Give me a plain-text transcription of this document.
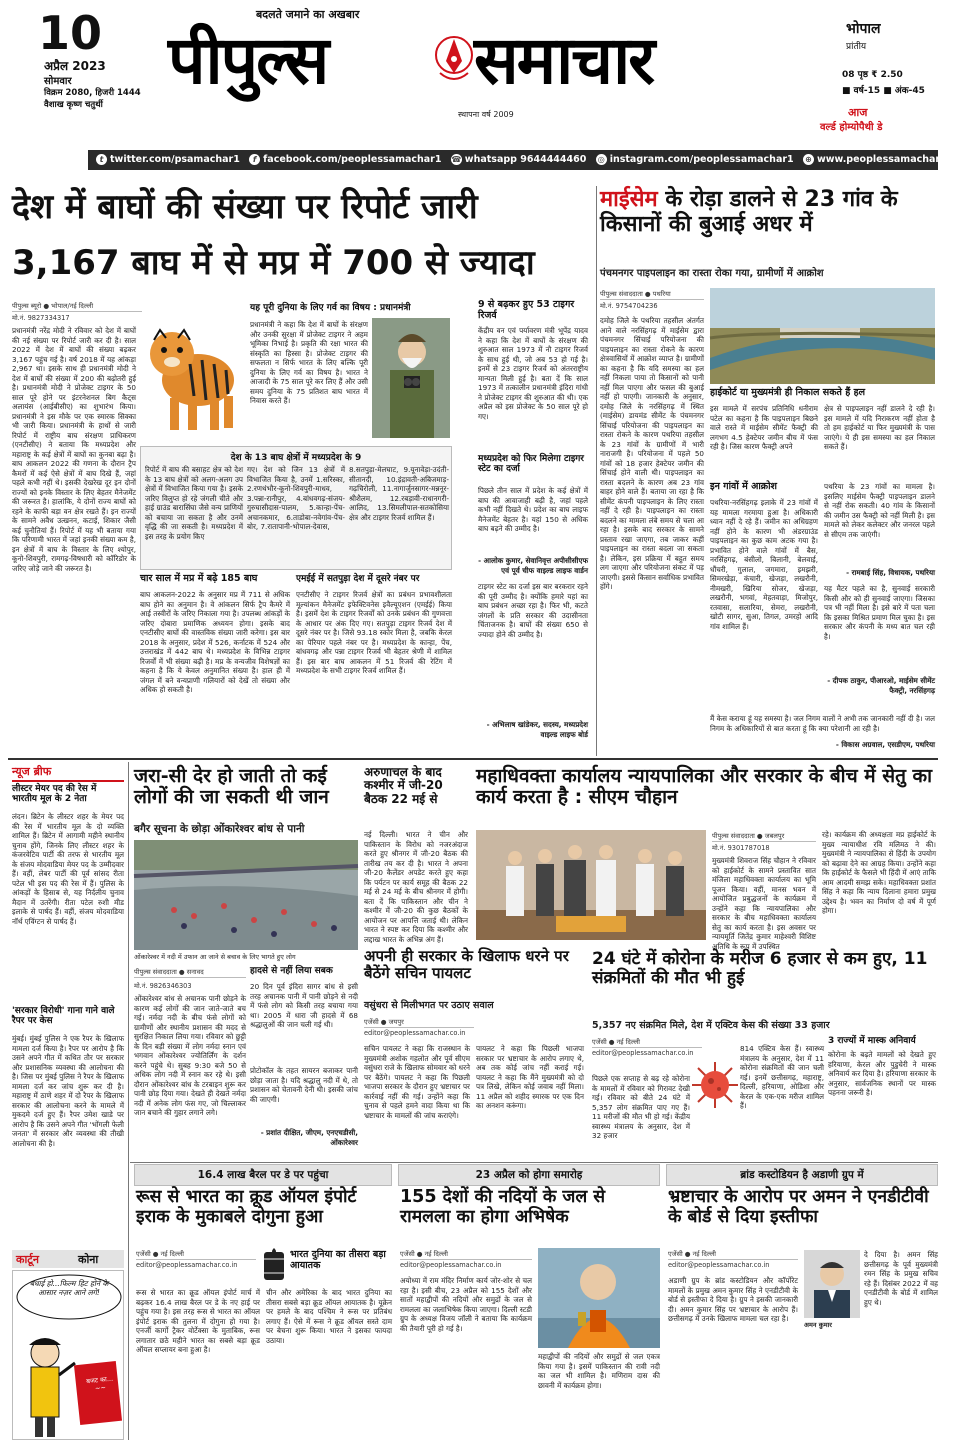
10
अप्रैल 2023
सोमवार
विक्रम 2080, हिजरी 1444
वैशाख कृष्ण चतुर्थी
बदलते जमाने का अखबार
पीपुल्स	समाचार
स्थापना वर्ष 2009
भोपाल
प्रांतीय
08 पृष्ठ ₹ 2.50
■ वर्ष-15 ■ अंक-45
आज
वर्ल्ड होम्योपैथी डे
t twitter.com/psamachar1 f facebook.com/peoplessamachar1 ☎ whatsapp 9644444460 ◎ instagram.com/peoplessamachar1 ⊕ www.peoplessamachar.in
देश में बाघों की संख्या पर रिपोर्ट जारी
3,167 बाघ में से मप्र में 700 से ज्यादा
पीपुल्स ब्यूरो ● भोपाल/नई दिल्ली
मो.नं. 9827334317
प्रधानमंत्री नरेंद्र मोदी ने रविवार को देश में बाघों की नई संख्या पर रिपोर्ट जारी कर दी है। साल 2022 में देश में बाघों की संख्या बढ़कर 3,167 पहुंच गई है। वर्ष 2018 में यह आंकड़ा 2,967 था। इसके साथ ही प्रधानमंत्री मोदी ने देश में बाघों की संख्या में 200 की बढ़ोतरी हुई है। प्रधानमंत्री मोदी ने प्रोजेक्ट टाइगर के 50 साल पूरे होने पर इंटरनेशनल बिग कैट्स अलायंस (आईबीसीए) का शुभारंभ किया। प्रधानमंत्री ने इस मौके पर एक स्मारक सिक्का भी जारी किया। प्रधानमंत्री के हाथों से जारी रिपोर्ट में राष्ट्रीय बाघ संरक्षण प्राधिकरण (एनटीसीए) ने बताया कि मध्यप्रदेश और महाराष्ट्र के कई क्षेत्रों में बाघों का कुनबा बढ़ा है। बाघ आकलन 2022 की गणना के दौरान ट्रैप कैमरों में कई ऐसे क्षेत्रों में बाघ दिखे हैं, जहां पहले कभी नहीं थे। इसकी देखरेख दूर इन दोनों राज्यों को इनके विस्तार के लिए बेहतर मैनेजमेंट की जरूरत है। हालांकि, ये दोनों राज्य बाघों को रहने के काफी बड़ा वन क्षेत्र रखते हैं। इन राज्यों के सामने अवैध उत्खनन, कटाई, शिकार जैसी कई चुनौतियां हैं। रिपोर्ट में यह भी बताया गया कि परिणामी भारत में जहां इनकी संख्या कम है, इन क्षेत्रों में बाघ के विस्तार के लिए श्योपुर, कूनो-शिवपुरी, रामगढ़-विषधारी को कॉरिडोर के जरिए जोड़े जाने की जरूरत है।
यह पूरी दुनिया के लिए गर्व का विषय : प्रधानमंत्री
प्रधानमंत्री ने कहा कि देश में बाघों के संरक्षण और उनकी सुरक्षा में प्रोजेक्ट टाइगर ने अहम भूमिका निभाई है। प्रकृति की रक्षा भारत की संस्कृति का हिस्सा है। प्रोजेक्ट टाइगर की सफलता न सिर्फ भारत के लिए बल्कि पूरी दुनिया के लिए गर्व का विषय है। भारत ने आजादी के 75 साल पूरे कर लिए हैं और उसी समय दुनिया के 75 प्रतिशत बाघ भारत में निवास करते हैं।
देश के 13 बाघ क्षेत्रों में मध्यप्रदेश के 9
रिपोर्ट में बाघ की बसाहट क्षेत्र को देश के 13 बाघ क्षेत्रों को अलग-अलग उप क्षेत्रों में विभाजित किया गया है। इसके जरिए विलुप्त हो रहे जंगली चीते और हाई ग्राउंड बारासिंघा जैसे वन्य प्राणियों को बचाया जा सकता है और उनमें वृद्धि की जा सकती है। मध्यप्रदेश में इस तरह के प्रयोग किए
गए। देश को जिन 13 क्षेत्रों में विभाजित किया है, उनमें 1.सरिस्का, 2.रणथंभौर-कूनो-शिवपुरी-माधव, 3.पन्ना-रानीपुर, 4.बांधवगढ़-संजय-गुरुघासीदास-पालम, 5.कान्हा-पेंच-अचानकमार, 6.ताडोबा-नवेगांव-पेंच-बोर, 7.रातापानी-भोपाल-देवास,
8.सतपुड़ा-मेलघाट, 9.यूनावेड़ा-उदंती-सीतानदी, 10.इंद्रावती-अबिजमाड़-गढ़चिरोली, 11.नागार्जुनसागर-मन्ननूर-श्रीशैलम, 12.रबड़ावी-राधानगरी-आलिद, 13.सिमलीपाल-सतकोसिया क्षेत्र और टाइगर रिजर्व शामिल हैं।
चार साल में मप्र में बढ़े 185 बाघ
बाघ आकलन-2022 के अनुसार मप्र में 711 से अधिक बाघ होने का अनुमान है। वे आंकलन सिर्फ ट्रैप कैमरे में आई तस्वीरों के जरिए निकाला गया है। उपलब्ध आंकड़ों के जरिए दोबारा प्रमाणिक अध्ययन होगा। इसके बाद एनटीसीए बाघों की वास्तविक संख्या जारी करेगा। इस बार 2018 के अनुसार, प्रदेश में 526, कर्नाटक में 524 और उत्तराखंड में 442 बाघ थे। मध्यप्रदेश के विभिन्न टाइगर रिजर्वों में भी संख्या बढ़ी है। मप्र के वन्यजीव विशेषज्ञों का कहना है कि ये केवल अनुमानित संख्या है। हाल ही में जंगल में बने वन्यप्राणी गलियारों को देखें तो संख्या और अधिक हो सकती है।
एमईई में सतपुड़ा देश में दूसरे नंबर पर
एनटीसीए ने टाइगर रिजर्व क्षेत्रों का प्रबंधन प्रभावशीलता मूल्यांकन मैनेजमेंट इफेक्टिवनेस इवैल्यूएशन (एमईई) किया है। इसमें देश के टाइगर रिजर्वों को उनके प्रबंधन की गुणवत्ता के आधार पर अंक दिए गए। सतपुड़ा टाइगर रिजर्व देश में दूसरे नंबर पर है। जिसे 93.18 स्कोर मिला है, जबकि केरल का पेरियार पहले नंबर पर है। मध्यप्रदेश के कान्हा, पेंच, बांधवगढ़ और पन्ना टाइगर रिजर्व भी बेहतर श्रेणी में शामिल हैं। इस बार बाघ आकलन में 51 रिजर्व की रेटिंग में मध्यप्रदेश के सभी टाइगर रिजर्व शामिल हैं।
9 से बढ़कर हुए 53 टाइगर रिजर्व
केंद्रीय वन एवं पर्यावरण मंत्री भूपेंद्र यादव ने कहा कि देश में बाघों के संरक्षण की शुरुआत साल 1973 में नौ टाइगर रिजर्व के साथ हुई थी, जो अब 53 हो गई है। इनमें से 23 टाइगर रिजर्व को अंतरराष्ट्रीय मान्यता मिली हुई है। बता दें कि साल 1973 में तत्कालीन प्रधानमंत्री इंदिरा गांधी ने प्रोजेक्ट टाइगर की शुरुआत की थी। एक अप्रैल को इस प्रोजेक्ट के 50 साल पूरे हो गए।
मध्यप्रदेश को फिर मिलेगा टाइगर स्टेट का दर्जा
पिछले तीन साल में प्रदेश के कई क्षेत्रों में बाघ की आवाजाही बढ़ी है, जहां पहले कभी नहीं दिखते थे। प्रदेश का बाघ लाइफ मैनेजमेंट बेहतर है। यहां 150 से अधिक बाघ बढ़ने की उम्मीद है।
- आलोक कुमार, सेवानिवृत्त अपीसीसीएफ एवं पूर्व चीफ वाइल्ड लाइफ वार्डन
टाइगर स्टेट का दर्जा इस बार बरकरार रहने की पूरी उम्मीद है। क्योंकि हमारे यहां का बाघ प्रबंधन अच्छा रहा है। फिर भी, कटते जंगलों के प्रति सरकार की उदासीनता चिंताजनक है। बाघों की संख्या 650 से ज्यादा होने की उम्मीद है।
- अभिलाष खांडेकर, सदस्य, मध्यप्रदेश वाइल्ड लाइफ बोर्ड
माईसेम के रोड़ा डालने से 23 गांव के किसानों की बुआई अधर में
पंचमनगर पाइपलाइन का रास्ता रोका गया, ग्रामीणों में आक्रोश
पीपुल्स संवाददाता ● पथरिया
मो.नं. 9754704236
दमोह जिले के पथरिया तहसील अंतर्गत आने वाले नरसिंहगढ़ में माईसेम द्वारा पंचमनगर सिंचाई परियोजना की पाइपलाइन का रास्ता रोकने के कारण क्षेत्रवासियों में आक्रोश व्याप्त है। ग्रामीणों का कहना है कि यदि समस्या का हल नहीं निकला पाया तो किसानों को पानी नहीं मिल पाएगा और फसल की बुआई नहीं हो पाएगी। जानकारी के अनुसार, दमोह जिले के नरसिंहगढ़ में स्थित (माईसेम) डायमंड सीमेंट के पंचमनगर सिंचाई परियोजना की पाइपलाइन का रास्ता रोकने के कारण पथरिया तहसील के 23 गांवों के ग्रामीणों में भारी नाराजगी है। परियोजना में पहले 50 गांवों को 18 हजार हेक्टेयर जमीन की सिंचाई होने वाली थी। पाइपलाइन का रास्ता बदलने के कारण अब 23 गांव बाहर होने वाले हैं। बताया जा रहा है कि सीमेंट कंपनी पाइपलाइन के लिए रास्ता नहीं दे रही है। पाइपलाइन का रास्ता बदलने का मामला लंबे समय से चला आ रहा है। इसके बाद सरकार के सामने प्रस्ताव रखा जाएगा, तब जाकर कहीं पाइपलाइन का रास्ता बदला जा सकता है। लेकिन, इस प्रक्रिया में बहुत समय लग जाएगा और परियोजना संकट में पड़ जाएगी। इससे किसान सर्वाधिक प्रभावित होंगे।
हाईकोर्ट या मुख्यमंत्री ही निकाल सकते हैं हल
इस मामले में सरपंच प्रतिनिधि धनीराम पटेल का कहना है कि पाइपलाइन बिछने वाले रास्ते में माईसेम सीमेंट फैक्ट्री की लगभग 4.5 हेक्टेयर जमीन बीच में फंस रही है। जिस कारण फैक्ट्री अपने
क्षेत्र से पाइपलाइन नहीं डालने दे रही है। इस मामले में यदि निराकरण नहीं होता है तो हम हाईकोर्ट या फिर मुख्यमंत्री के पास जाएंगे। ये ही इस समस्या का हल निकाल सकते हैं।
इन गांवों में आक्रोश
पथरिया-नरसिंहगढ़ इलाके में 23 गांवों में यह मामला गरमाया हुआ है। अधिकारी ध्यान नहीं दे रहे हैं। जमीन का अधिग्रहण नहीं होने के कारण भी अंडरग्राउंड पाइपलाइन का कुछ काम अटक गया है। प्रभावित होने वाले गांवों में बैस, नरसिंहगढ़, बंसीलो, बिलानी, बेलवाई, धौंचरी, गुलाल, जगमारा, इमझरी, सिमरखेड़ा, कंचारी, खेजड़ा, लखरौनी, नीमखरी, खिरिया सोजर, खेजड़ा, लखरौनी, भगवां, मेहतवाड़ा, मिजोपुर, रतवासा, सलारिया, सेमरा, लखरौनी, खोटी सागर, सुआ, तिगल, उमरहो आदि गांव शामिल हैं।
पथरिया के 23 गांवों का मामला है। इसलिए माईसेम फैक्ट्री पाइपलाइन डालने से नहीं रोक सकती। 40 गांव के किसानों की जमीन उस फैक्ट्री को नहीं मिली है। इस मामले को लेकर कलेक्टर और जनरल पहले से सीएम तक जाएंगी।
- रामबाई सिंह, विधायक, पथरिया
यह मैटर पहले का है, सुनवाई सरकारी किसी और को ही सुनवाई जाएगा। जिसका पत्र भी नहीं मिला है। इसे बारे में पता चला कि इसका मिश्रित प्रमाण मिल चुका है। इस सरकार और कंपनी के मध्य बात चल रही है।
- दीपक ठाकुर, पीआरओ, माईसेम सीमेंट फैक्ट्री, नरसिंहगढ़
मैं केस कराया हूं यह समस्या है। जल निगम वालों ने अभी तक जानकारी नहीं दी है। जल निगम के अधिकारियों से बात करता हूं कि क्या परेशानी आ रही है।
- विकास अग्रवाल, एसडीएम, पथरिया
न्यूज ब्रीफ
लीस्टर मेयर पद की रेस में भारतीय मूल के 2 नेता
लंदन। ब्रिटेन के लीस्टर शहर के मेयर पद की रेस में भारतीय मूल के दो व्यक्ति शामिल हैं। ब्रिटेन में आगामी महीने स्थानीय चुनाव होंगे, जिनके लिए लीस्टर शहर के कंजरवेटिव पार्टी की तरफ से भारतीय मूल के संजय मोदवाडिया मेयर पद के उम्मीदवार हैं। वहीं, लेबर पार्टी की पूर्व सांसद रीता पटेल भी इस पद की रेस में हैं। पुलिस के आंकड़ों के हिसाब से, यह निर्दलीय चुनाव मैदान में उतरेंगी। रीता पटेल रुशी मीड इलाके से पार्षद हैं। वहीं, संजय मोदवाडिया नॉर्थ एविंग्टन से पार्षद हैं।
'सरकार विरोधी' गाना गाने वाले रैपर पर केस
मुंबई। मुंबई पुलिस ने एक रैपर के खिलाफ मामला दर्ज किया है। रैपर पर आरोप है कि उसने अपने गीत में कथित तौर पर सरकार और प्रशासनिक व्यवस्था की आलोचना की है। जिस पर मुंबई पुलिस ने रैपर के खिलाफ मामला दर्ज कर जांच शुरू कर दी है। महाराष्ट्र में ठाणे शहर में दो रैपर के खिलाफ सरकार की आलोचना करने के मामले में मुकदमे दर्ज हुए हैं। रैपर उमेश खाडे पर आरोप है कि उसने अपने गीत 'भोंगली फेली जनता' में सरकार और व्यवस्था की तीखी आलोचना की है।
कार्टून	कोना
बधाई हो...फिल्म हिट होने के आसार नज़र आने लगे!
बजट का... ~~
जरा-सी देर हो जाती तो कई लोगों की जा सकती थी जान
बगैर सूचना के छोड़ा ओंकारेश्वर बांध से पानी
ओंकारेश्वर में नदी में उफान आ जाने से बचाव के लिए भागते हुए लोग
पीपुल्स संवाददाता ● सनावद
मो.नं. 9826346303
ओंकारेश्वर बांध से अचानक पानी छोड़ने के कारण कई लोगों की जान जाते-जाते बच गई। नर्मदा नदी के बीच फंसे लोगों को ग्रामीणों और स्थानीय प्रशासन की मदद से सुरक्षित निकाल लिया गया। रविवार को छुट्टी के दिन बड़ी संख्या में लोग नर्मदा स्नान एवं भगवान ओंकारेश्वर ज्योतिर्लिंग के दर्शन करने पहुंचे थे। सुबह 9:30 बजे 50 से अधिक लोग नदी में स्नान कर रहे थे। इसी दौरान ओंकारेश्वर बांध के टरबाइन शुरू कर पानी छोड़ दिया गया। देखते ही देखते नर्मदा नदी में अनेक लोग फंस गए, जो चिल्लाकर जान बचाने की गुहार लगाने लगे।
हादसे से नहीं लिया सबक
20 दिन पूर्व इंदिरा सागर बांध से इसी तरह अचानक पानी में पानी छोड़ने से नदी में फंसे लोग को किसी तरह बचाया गया था। 2005 में धारा जी हादसे में 68 श्रद्धालुओं की जान चली गई थी।
प्रोटोकॉल के तहत सायरन बजाकर पानी छोड़ा जाता है। यदि श्रद्धालु नदी में थे, तो प्रशासन को चेतावनी देनी थी। इसकी जांच की जाएगी।
- प्रशांत दीक्षित, जीएम, एनएचडीसी, ओंकारेश्वर
अरुणाचल के बाद कश्मीर में जी-20 बैठक 22 मई से
नई दिल्ली। भारत ने चीन और पाकिस्तान के विरोध को नजरअंदाज करते हुए श्रीनगर में जी-20 बैठक की तारीख तय कर दी है। भारत ने अपना जी-20 कैलेंडर अपडेट करते हुए कहा कि पर्यटन पर कार्य समूह की बैठक 22 मई से 24 मई के बीच श्रीनगर में होगी। बता दें कि पाकिस्तान और चीन ने कश्मीर में जी-20 की कुछ बैठकों के आयोजन पर आपत्ति जताई थी। लेकिन भारत ने स्पष्ट कर दिया कि कश्मीर और लद्दाख भारत के अभिन्न अंग हैं।
महाधिवक्ता कार्यालय न्यायपालिका और सरकार के बीच में सेतु का कार्य करता है : सीएम चौहान
पीपुल्स संवाददाता ● जबलपुर
मो.नं. 9301787018
मुख्यमंत्री शिवराज सिंह चौहान ने रविवार को हाईकोर्ट के सामने प्रस्तावित सात मंजिला महाधिवक्ता कार्यालय का भूमि पूजन किया। वहीं, मानस भवन में आयोजित प्रबुद्धजनों के कार्यक्रम में उन्होंने कहा कि न्यायपालिका और सरकार के बीच महाधिवक्ता कार्यालय सेतु का कार्य करता है। इस अवसर पर न्यायमूर्ति जितेंद्र कुमार माहेश्वरी विशिष्ट अतिथि के रूप में उपस्थित
रहे। कार्यक्रम की अध्यक्षता मप्र हाईकोर्ट के मुख्य न्यायाधीश रवि मलिमठ ने की। मुख्यमंत्री ने न्यायपालिका से हिंदी के उपयोग को बढ़ावा देने का आग्रह किया। उन्होंने कहा कि हाईकोर्ट के फैसले भी हिंदी में आएं ताकि आम आदमी समझ सके। महाधिवक्ता प्रशांत सिंह ने कहा कि न्याय दिलाना हमारा प्रमुख उद्देश्य है। भवन का निर्माण दो वर्ष में पूर्ण होगा।
अपनी ही सरकार के खिलाफ धरने पर बैठेंगे सचिन पायलट
वसुंधरा से मिलीभगत पर उठाए सवाल
एजेंसी ● जयपुर
editor@peoplessamachar.co.in
सचिन पायलट ने कहा कि राजस्थान के मुख्यमंत्री अशोक गहलोत और पूर्व सीएम वसुंधरा राजे के खिलाफ सोमवार को धरने पर बैठेंगे। पायलट ने कहा कि पिछली भाजपा सरकार के दौरान हुए भ्रष्टाचार पर कार्रवाई नहीं की गई। उन्होंने कहा कि चुनाव से पहले हमने वादा किया था कि भ्रष्टाचार के मामलों की जांच कराएंगे।
पायलट ने कहा कि पिछली भाजपा सरकार पर भ्रष्टाचार के आरोप लगाए थे, अब तक कोई जांच नहीं कराई गई। पायलट ने कहा कि मैंने मुख्यमंत्री को दो पत्र लिखे, लेकिन कोई जवाब नहीं मिला। 11 अप्रैल को शहीद स्मारक पर एक दिन का अनशन करूंगा।
24 घंटे में कोरोना के मरीज 6 हजार से कम हुए, 11 संक्रमितों की मौत भी हुई
5,357 नए संक्रमित मिले, देश में एक्टिव केस की संख्या 33 हजार
एजेंसी ● नई दिल्ली
editor@peoplessamachar.co.in
पिछले एक सप्ताह से बढ़ रहे कोरोना के मामलों में रविवार को गिरावट देखी गई। रविवार को बीते 24 घंटे में 5,357 लोग संक्रमित पाए गए हैं। 11 मरीजों की मौत भी हो गई। केंद्रीय स्वास्थ्य मंत्रालय के अनुसार, देश में 32 हजार
814 एक्टिव केस हैं। स्वास्थ्य मंत्रालय के अनुसार, देश में 11 कोरोना संक्रमितों की जान चली गई। इनमें छत्तीसगढ़, महाराष्ट्र, दिल्ली, हरियाणा, ओडिशा और केरल के एक-एक मरीज शामिल हैं।
3 राज्यों में मास्क अनिवार्य
कोरोना के बढ़ते मामलों को देखते हुए हरियाणा, केरल और पुडुचेरी ने मास्क अनिवार्य कर दिया है। हरियाणा सरकार के अनुसार, सार्वजनिक स्थानों पर मास्क पहनना जरूरी है।
16.4 लाख बैरल पर डे पर पहुंचा	23 अप्रैल को होगा समारोह	ब्रांड कस्टोडियन है अडाणी ग्रुप में
रूस से भारत का क्रूड ऑयल इंपोर्ट इराक के मुकाबले दोगुना हुआ
एजेंसी ● नई दिल्ली
editor@peoplessamachar.co.in
भारत दुनिया का तीसरा बड़ा आयातक
रूस से भारत का क्रूड ऑयल इंपोर्ट मार्च में बढ़कर 16.4 लाख बैरल पर डे के नए हाई पर पहुंच गया है। इस तरह रूस से भारत का ऑयल इंपोर्ट इराक की तुलना में दोगुना हो गया है। एनर्जी कार्गो ट्रैकर वोर्टेक्सा के मुताबिक, रूस लगातार छठे महीने भारत का सबसे बड़ा क्रूड ऑयल सप्लायर बना हुआ है।
चीन और अमेरिका के बाद भारत दुनिया का तीसरा सबसे बड़ा क्रूड ऑयल आयातक है। यूक्रेन पर हमले के बाद पश्चिम ने रूस पर प्रतिबंध लगाए हैं। ऐसे में रूस ने क्रूड ऑयल सस्ते दाम पर बेचना शुरू किया। भारत ने इसका फायदा उठाया।
155 देशों की नदियों के जल से रामलला का होगा अभिषेक
एजेंसी ● नई दिल्ली
editor@peoplessamachar.co.in
अयोध्या में राम मंदिर निर्माण कार्य जोर-शोर से चल रहा है। इसी बीच, 23 अप्रैल को 155 देशों और सातों महाद्वीपों की नदियों और समुद्रों के जल से रामलला का जलाभिषेक किया जाएगा। दिल्ली स्टडी ग्रुप के अध्यक्ष विजय जॉली ने बताया कि कार्यक्रम की तैयारी पूरी हो गई है।
महाद्वीपों की नदियों और समुद्रों से जल एकत्र किया गया है। इसमें पाकिस्तान की रावी नदी का जल भी शामिल है। मणिराम दास की छावनी में कार्यक्रम होगा।
भ्रष्टाचार के आरोप पर अमन ने एनडीटीवी के बोर्ड से दिया इस्तीफा
एजेंसी ● नई दिल्ली
editor@peoplessamachar.co.in
अडाणी ग्रुप के ब्रांड कस्टोडियन और कॉर्पोरेट मामलों के प्रमुख अमन कुमार सिंह ने एनडीटीवी के बोर्ड से इस्तीफा दे दिया है। ग्रुप ने इसकी जानकारी दी। अमन कुमार सिंह पर भ्रष्टाचार के आरोप हैं। छत्तीसगढ़ में उनके खिलाफ मामला चल रहा है।
अमन कुमार
दे दिया है। अमन सिंह छत्तीसगढ़ के पूर्व मुख्यमंत्री रमन सिंह के प्रमुख सचिव रहे हैं। दिसंबर 2022 में वह एनडीटीवी के बोर्ड में शामिल हुए थे।
